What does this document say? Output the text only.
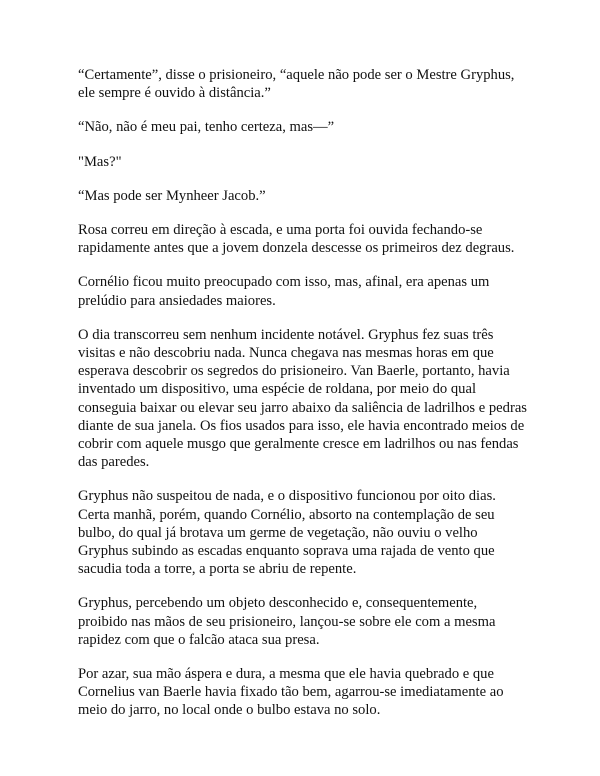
“Certamente”, disse o prisioneiro, “aquele não pode ser o Mestre Gryphus, ele sempre é ouvido à distância.”

“Não, não é meu pai, tenho certeza, mas—”

"Mas?"

“Mas pode ser Mynheer Jacob.”

Rosa correu em direção à escada, e uma porta foi ouvida fechando-se rapidamente antes que a jovem donzela descesse os primeiros dez degraus.

Cornélio ficou muito preocupado com isso, mas, afinal, era apenas um prelúdio para ansiedades maiores.

O dia transcorreu sem nenhum incidente notável. Gryphus fez suas três visitas e não descobriu nada. Nunca chegava nas mesmas horas em que esperava descobrir os segredos do prisioneiro. Van Baerle, portanto, havia inventado um dispositivo, uma espécie de roldana, por meio do qual conseguia baixar ou elevar seu jarro abaixo da saliência de ladrilhos e pedras diante de sua janela. Os fios usados para isso, ele havia encontrado meios de cobrir com aquele musgo que geralmente cresce em ladrilhos ou nas fendas das paredes.

Gryphus não suspeitou de nada, e o dispositivo funcionou por oito dias. Certa manhã, porém, quando Cornélio, absorto na contemplação de seu bulbo, do qual já brotava um germe de vegetação, não ouviu o velho Gryphus subindo as escadas enquanto soprava uma rajada de vento que sacudia toda a torre, a porta se abriu de repente.

Gryphus, percebendo um objeto desconhecido e, consequentemente, proibido nas mãos de seu prisioneiro, lançou-se sobre ele com a mesma rapidez com que o falcão ataca sua presa.

Por azar, sua mão áspera e dura, a mesma que ele havia quebrado e que Cornelius van Baerle havia fixado tão bem, agarrou-se imediatamente ao meio do jarro, no local onde o bulbo estava no solo.
